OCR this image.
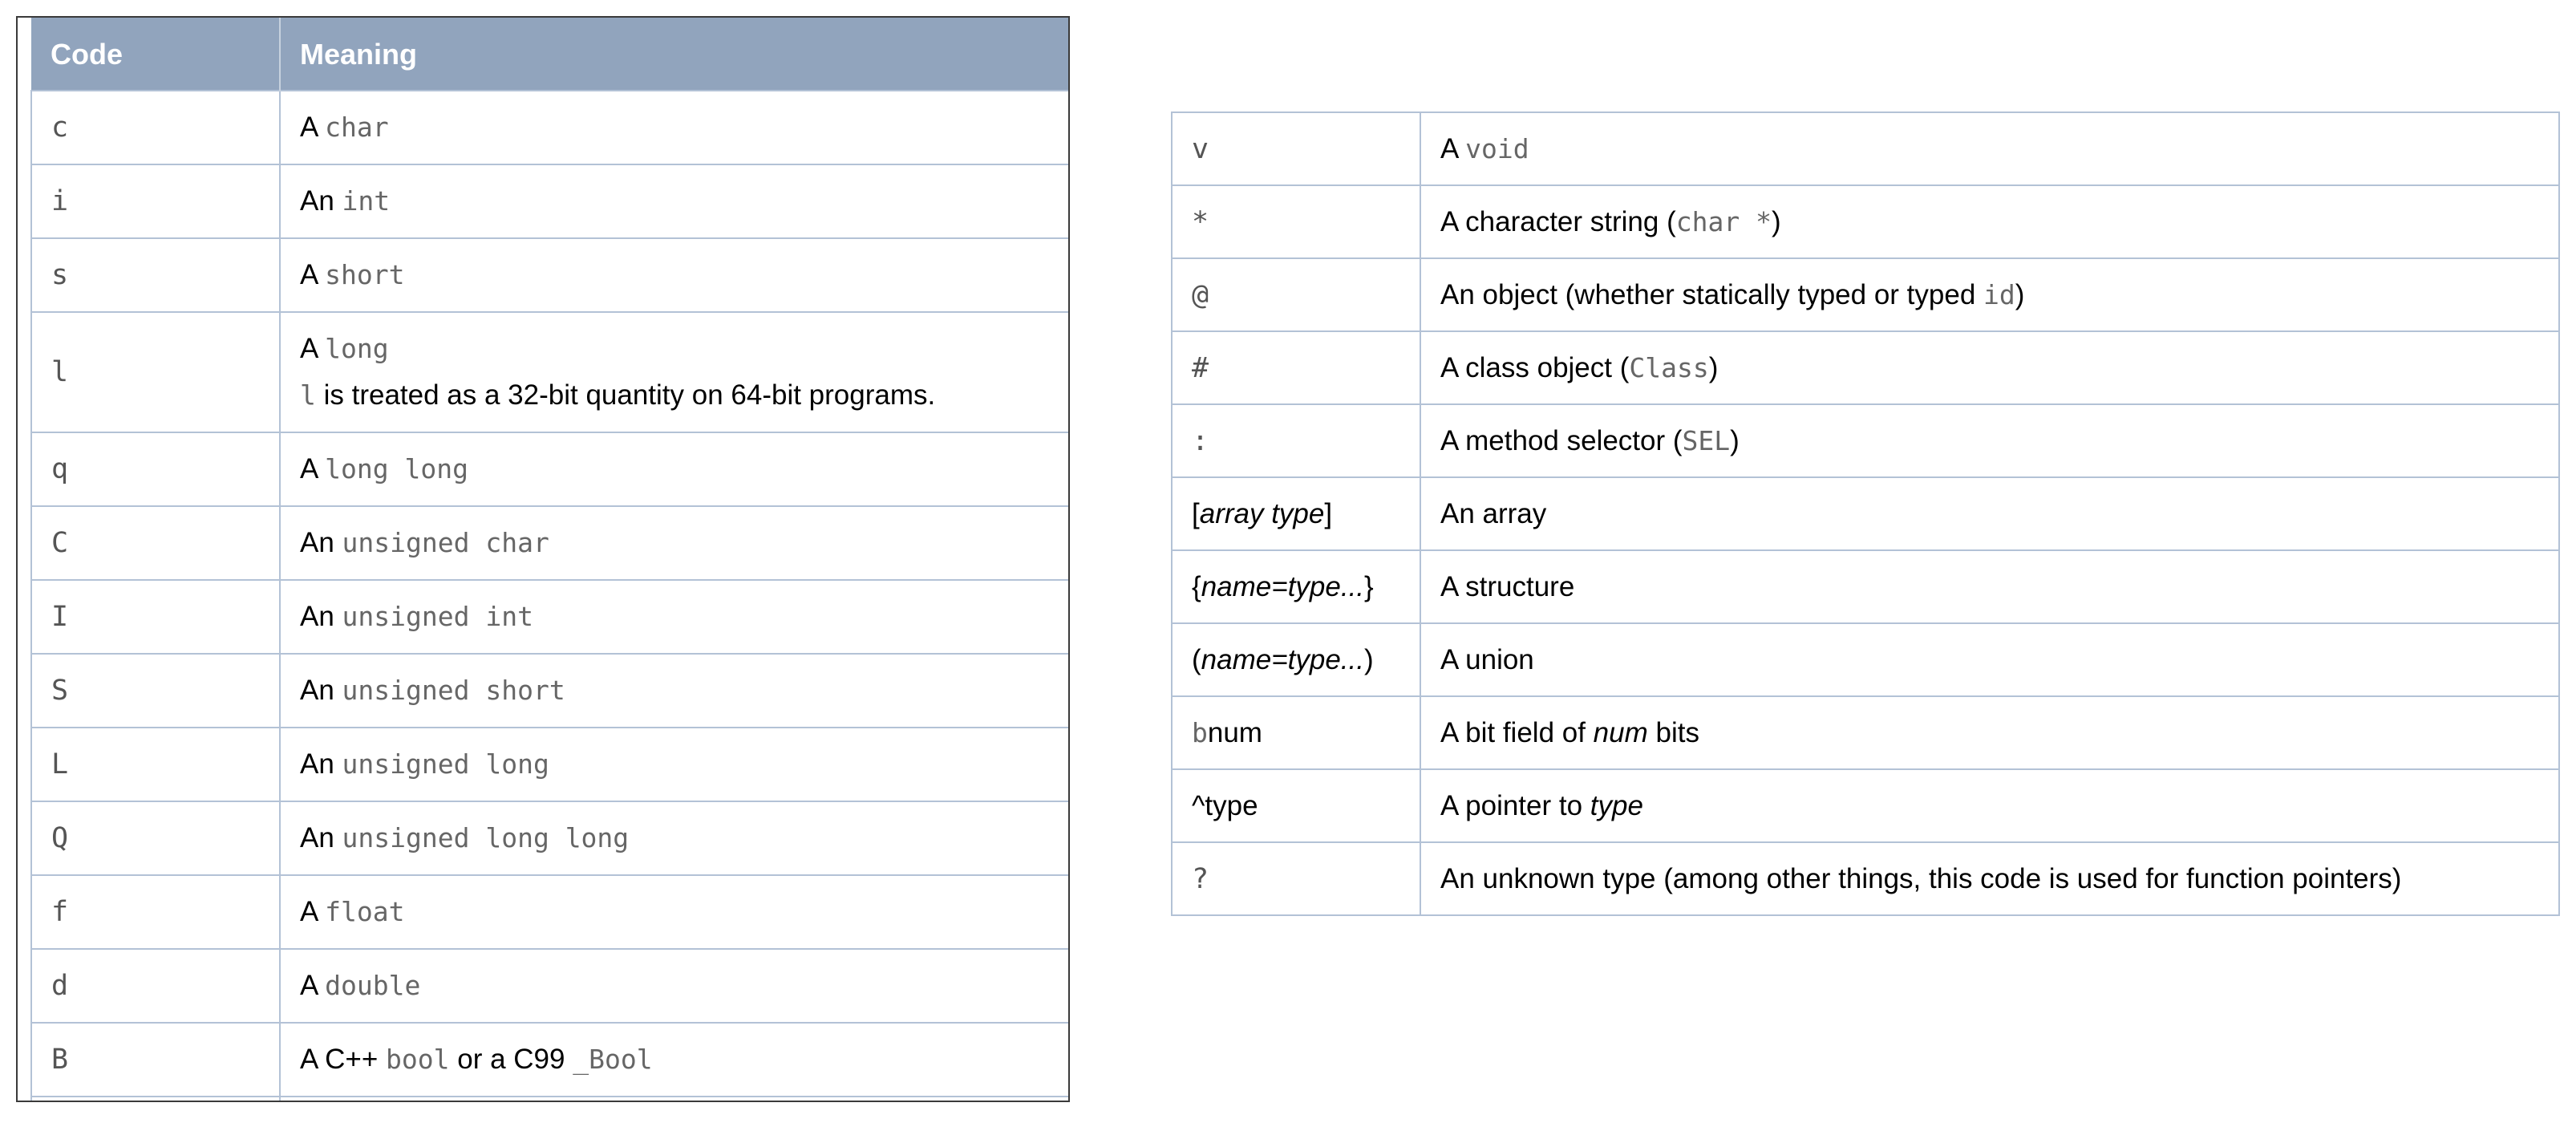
Code	Meaning
c	A char
i	An int
s	A short
l	A long
l is treated as a 32-bit quantity on 64-bit programs.

q	A long long
C	An unsigned char
I	An unsigned int
S	An unsigned short
L	An unsigned long
Q	An unsigned long long
f	A float
d	A double
B	A C++ bool or a C99 _Bool

v	A void
*	A character string (char *)
@	An object (whether statically typed or typed id)
#	A class object (Class)
:	A method selector (SEL)
[array type]	An array
{name=type...}	A structure
(name=type...)	A union
bnum	A bit field of num bits
^type	A pointer to type
?	An unknown type (among other things, this code is used for function pointers)
